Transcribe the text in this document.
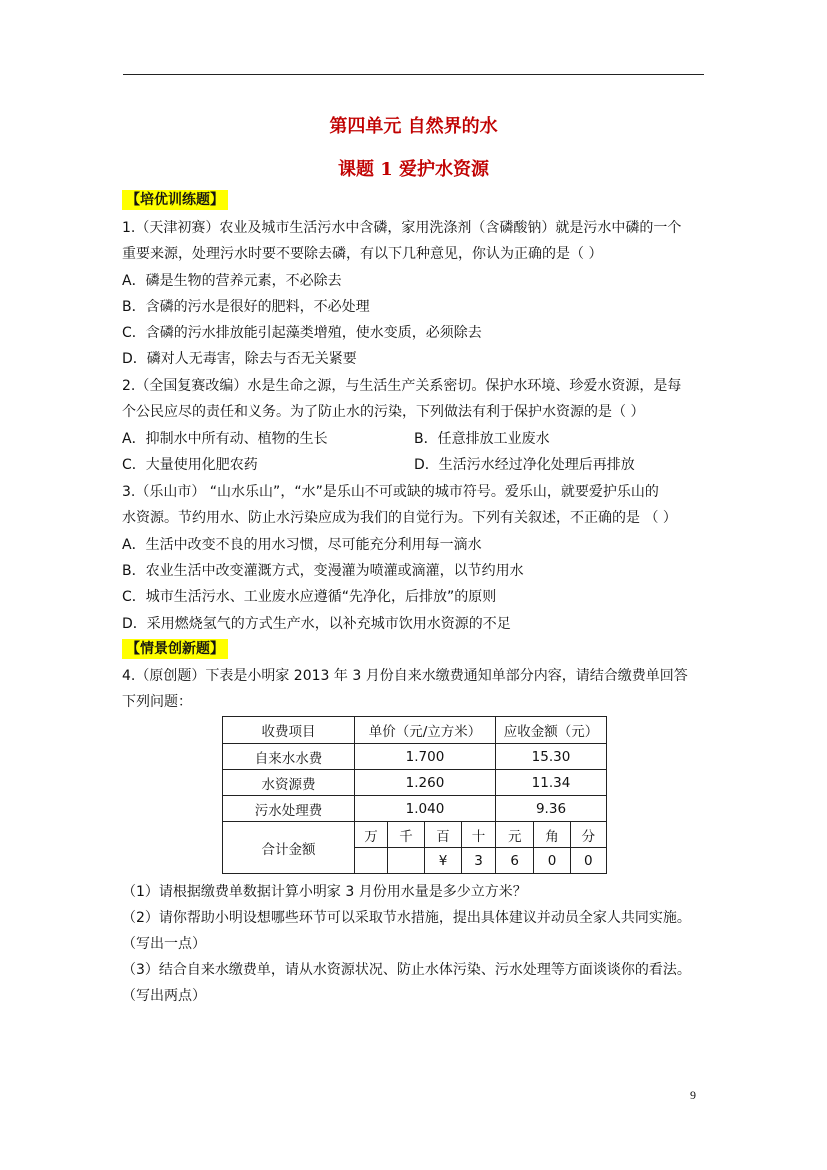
第四单元 自然界的水
课题 1 爱护水资源
【培优训练题】
1.（天津初赛）农业及城市生活污水中含磷，家用洗涤剂（含磷酸钠）就是污水中磷的一个
重要来源，处理污水时要不要除去磷，有以下几种意见，你认为正确的是（ ）
A．磷是生物的营养元素，不必除去
B．含磷的污水是很好的肥料，不必处理
C．含磷的污水排放能引起藻类增殖，使水变质，必须除去
D．磷对人无毒害，除去与否无关紧要
2.（全国复赛改编）水是生命之源，与生活生产关系密切。保护水环境、珍爱水资源，是每
个公民应尽的责任和义务。为了防止水的污染，下列做法有利于保护水资源的是（ ）
A．抑制水中所有动、植物的生长	B．任意排放工业废水
C．大量使用化肥农药	D．生活污水经过净化处理后再排放
3.（乐山市） “山水乐山”，“水”是乐山不可或缺的城市符号。爱乐山，就要爱护乐山的
水资源。节约用水、防止水污染应成为我们的自觉行为。下列有关叙述，不正确的是 （ ）
A．生活中改变不良的用水习惯，尽可能充分利用每一滴水
B．农业生活中改变灌溉方式，变漫灌为喷灌或滴灌，以节约用水
C．城市生活污水、工业废水应遵循“先净化，后排放”的原则
D．采用燃烧氢气的方式生产水，以补充城市饮用水资源的不足
【情景创新题】
4.（原创题）下表是小明家 2013 年 3 月份自来水缴费通知单部分内容，请结合缴费单回答
下列问题：
收费项目	单价（元/立方米）				应收金额（元）		
自来水水费	1.700				15.30		
水资源费	1.260				11.34		
污水处理费	1.040				9.36		
合计金额	万	千	百	十	元	角	分
			¥	3	6	0	0
（1）请根据缴费单数据计算小明家 3 月份用水量是多少立方米？
（2）请你帮助小明设想哪些环节可以采取节水措施，提出具体建议并动员全家人共同实施。
（写出一点）
（3）结合自来水缴费单，请从水资源状况、防止水体污染、污水处理等方面谈谈你的看法。
（写出两点）
9
